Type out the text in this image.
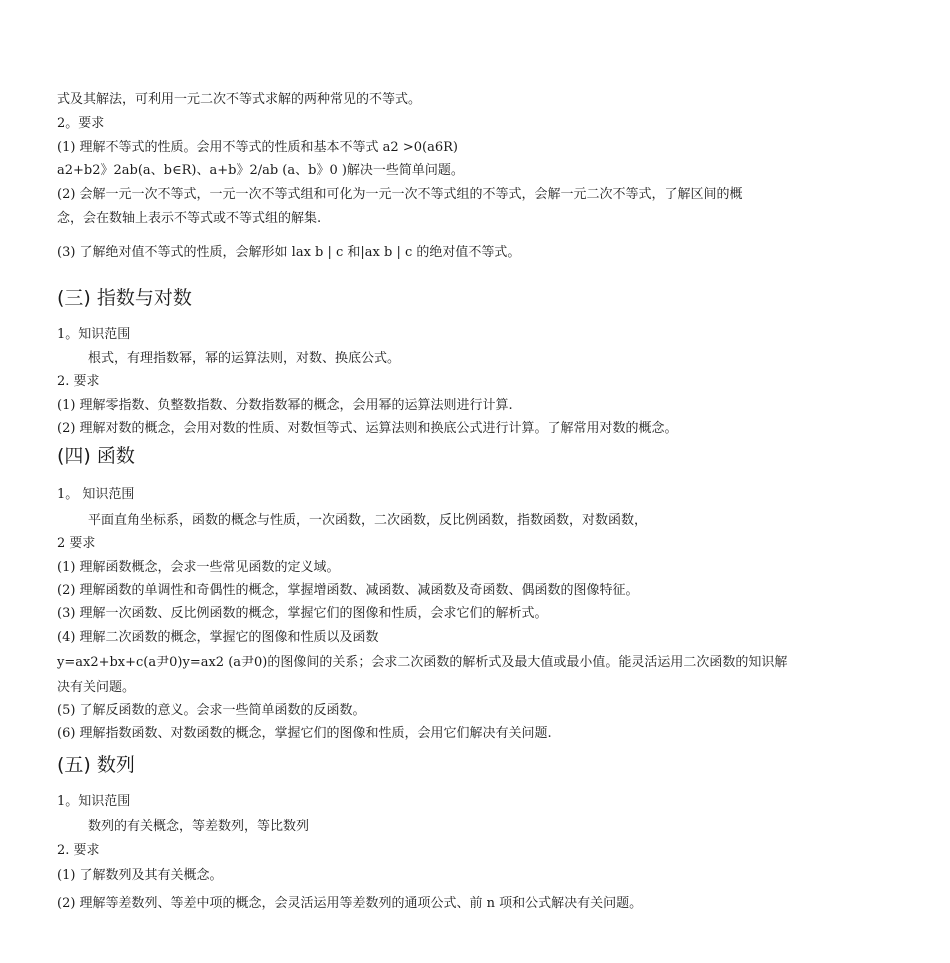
式及其解法，可利用一元二次不等式求解的两种常见的不等式。
2。要求
(1) 理解不等式的性质。会用不等式的性质和基本不等式 a2 >0(a6R)
a2+b2》2ab(a、b∈R)、a+b》2/ab (a、b》0 )解决一些简单问题。
(2) 会解一元一次不等式，一元一次不等式组和可化为一元一次不等式组的不等式，会解一元二次不等式，了解区间的概
念，会在数轴上表示不等式或不等式组的解集.
(3) 了解绝对值不等式的性质，会解形如 lax b | c 和|ax b | c 的绝对值不等式。
(三) 指数与对数
1。知识范围
根式，有理指数幂，幂的运算法则，对数、换底公式。
2. 要求
(1) 理解零指数、负整数指数、分数指数幂的概念，会用幂的运算法则进行计算.
(2) 理解对数的概念，会用对数的性质、对数恒等式、运算法则和换底公式进行计算。了解常用对数的概念。
(四) 函数
1。 知识范围
平面直角坐标系，函数的概念与性质，一次函数，二次函数，反比例函数，指数函数，对数函数，
2 要求
(1) 理解函数概念，会求一些常见函数的定义域。
(2) 理解函数的单调性和奇偶性的概念，掌握增函数、减函数、减函数及奇函数、偶函数的图像特征。
(3) 理解一次函数、反比例函数的概念，掌握它们的图像和性质，会求它们的解析式。
(4) 理解二次函数的概念，掌握它的图像和性质以及函数
y=ax2+bx+c(a尹0)y=ax2 (a尹0)的图像间的关系；会求二次函数的解析式及最大值或最小值。能灵活运用二次函数的知识解
决有关问题。
(5) 了解反函数的意义。会求一些简单函数的反函数。
(6) 理解指数函数、对数函数的概念，掌握它们的图像和性质，会用它们解决有关问题.
(五) 数列
1。知识范围
数列的有关概念，等差数列，等比数列
2. 要求
(1) 了解数列及其有关概念。
(2) 理解等差数列、等差中项的概念，会灵活运用等差数列的通项公式、前 n 项和公式解决有关问题。
